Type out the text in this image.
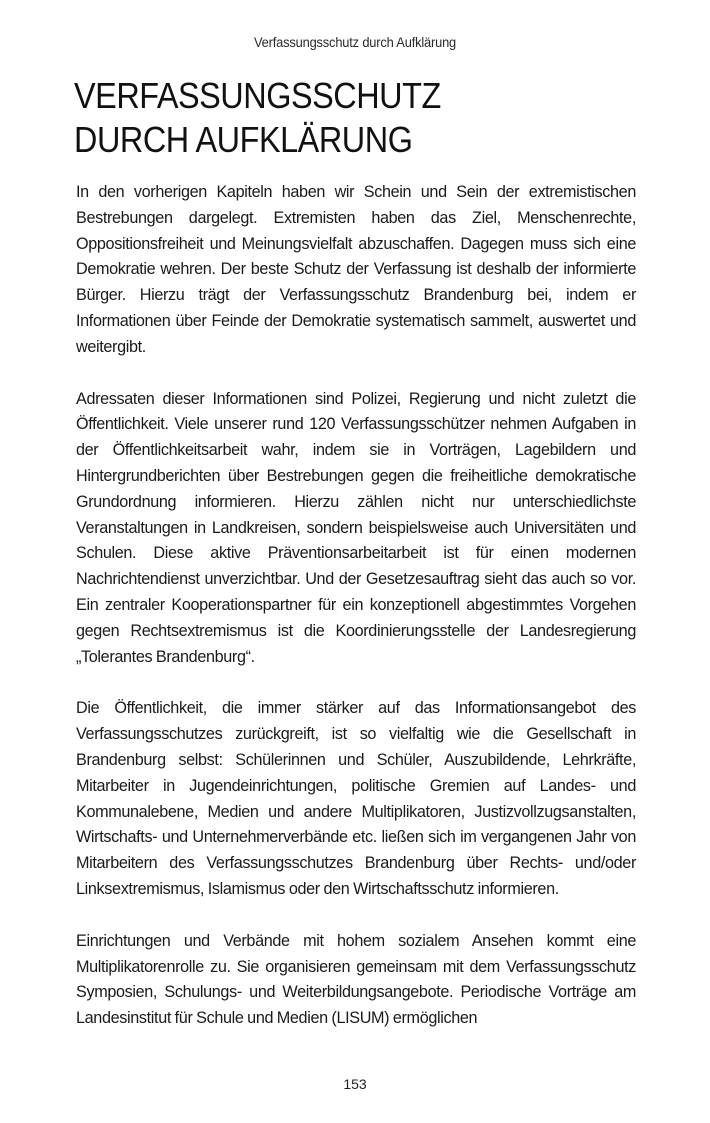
Verfassungsschutz durch Aufklärung
VERFASSUNGSSCHUTZ
DURCH AUFKLÄRUNG

In den vorherigen Kapiteln haben wir Schein und Sein der extremistischen Bestrebungen dargelegt. Extremisten haben das Ziel, Menschenrechte, Oppositionsfreiheit und Meinungsvielfalt abzuschaffen. Dagegen muss sich eine Demokratie wehren. Der beste Schutz der Verfassung ist deshalb der informierte Bürger. Hierzu trägt der Verfassungsschutz Brandenburg bei, indem er Informationen über Feinde der Demokratie systematisch sammelt, auswertet und weitergibt.

Adressaten dieser Informationen sind Polizei, Regierung und nicht zuletzt die Öffentlichkeit. Viele unserer rund 120 Verfassungsschützer nehmen Aufgaben in der Öffentlichkeitsarbeit wahr, indem sie in Vorträgen, Lagebildern und Hintergrundberichten über Bestrebungen gegen die freiheitliche demokratische Grundordnung informieren. Hierzu zählen nicht nur unterschiedlichste Veranstaltungen in Landkreisen, sondern beispielsweise auch Universitäten und Schulen. Diese aktive Präventionsarbeitarbeit ist für einen modernen Nachrichtendienst unverzichtbar. Und der Gesetzesauftrag sieht das auch so vor. Ein zentraler Kooperationspartner für ein konzeptionell abgestimmtes Vorgehen gegen Rechtsextremismus ist die Koordinierungsstelle der Landesregierung „Tolerantes Brandenburg“.

Die Öffentlichkeit, die immer stärker auf das Informationsangebot des Verfassungsschutzes zurückgreift, ist so vielfaltig wie die Gesellschaft in Brandenburg selbst: Schülerinnen und Schüler, Auszubildende, Lehrkräfte, Mitarbeiter in Jugendeinrichtungen, politische Gremien auf Landes- und Kommunalebene, Medien und andere Multiplikatoren, Justizvollzugsanstalten, Wirtschafts- und Unternehmerverbände etc. ließen sich im vergangenen Jahr von Mitarbeitern des Verfassungsschutzes Brandenburg über Rechts- und/oder Linksextremismus, Islamismus oder den Wirtschaftsschutz informieren.

Einrichtungen und Verbände mit hohem sozialem Ansehen kommt eine Multiplikatorenrolle zu. Sie organisieren gemeinsam mit dem Verfassungsschutz Symposien, Schulungs- und Weiterbildungsangebote. Periodische Vorträge am Landesinstitut für Schule und Medien (LISUM) ermöglichen

153
